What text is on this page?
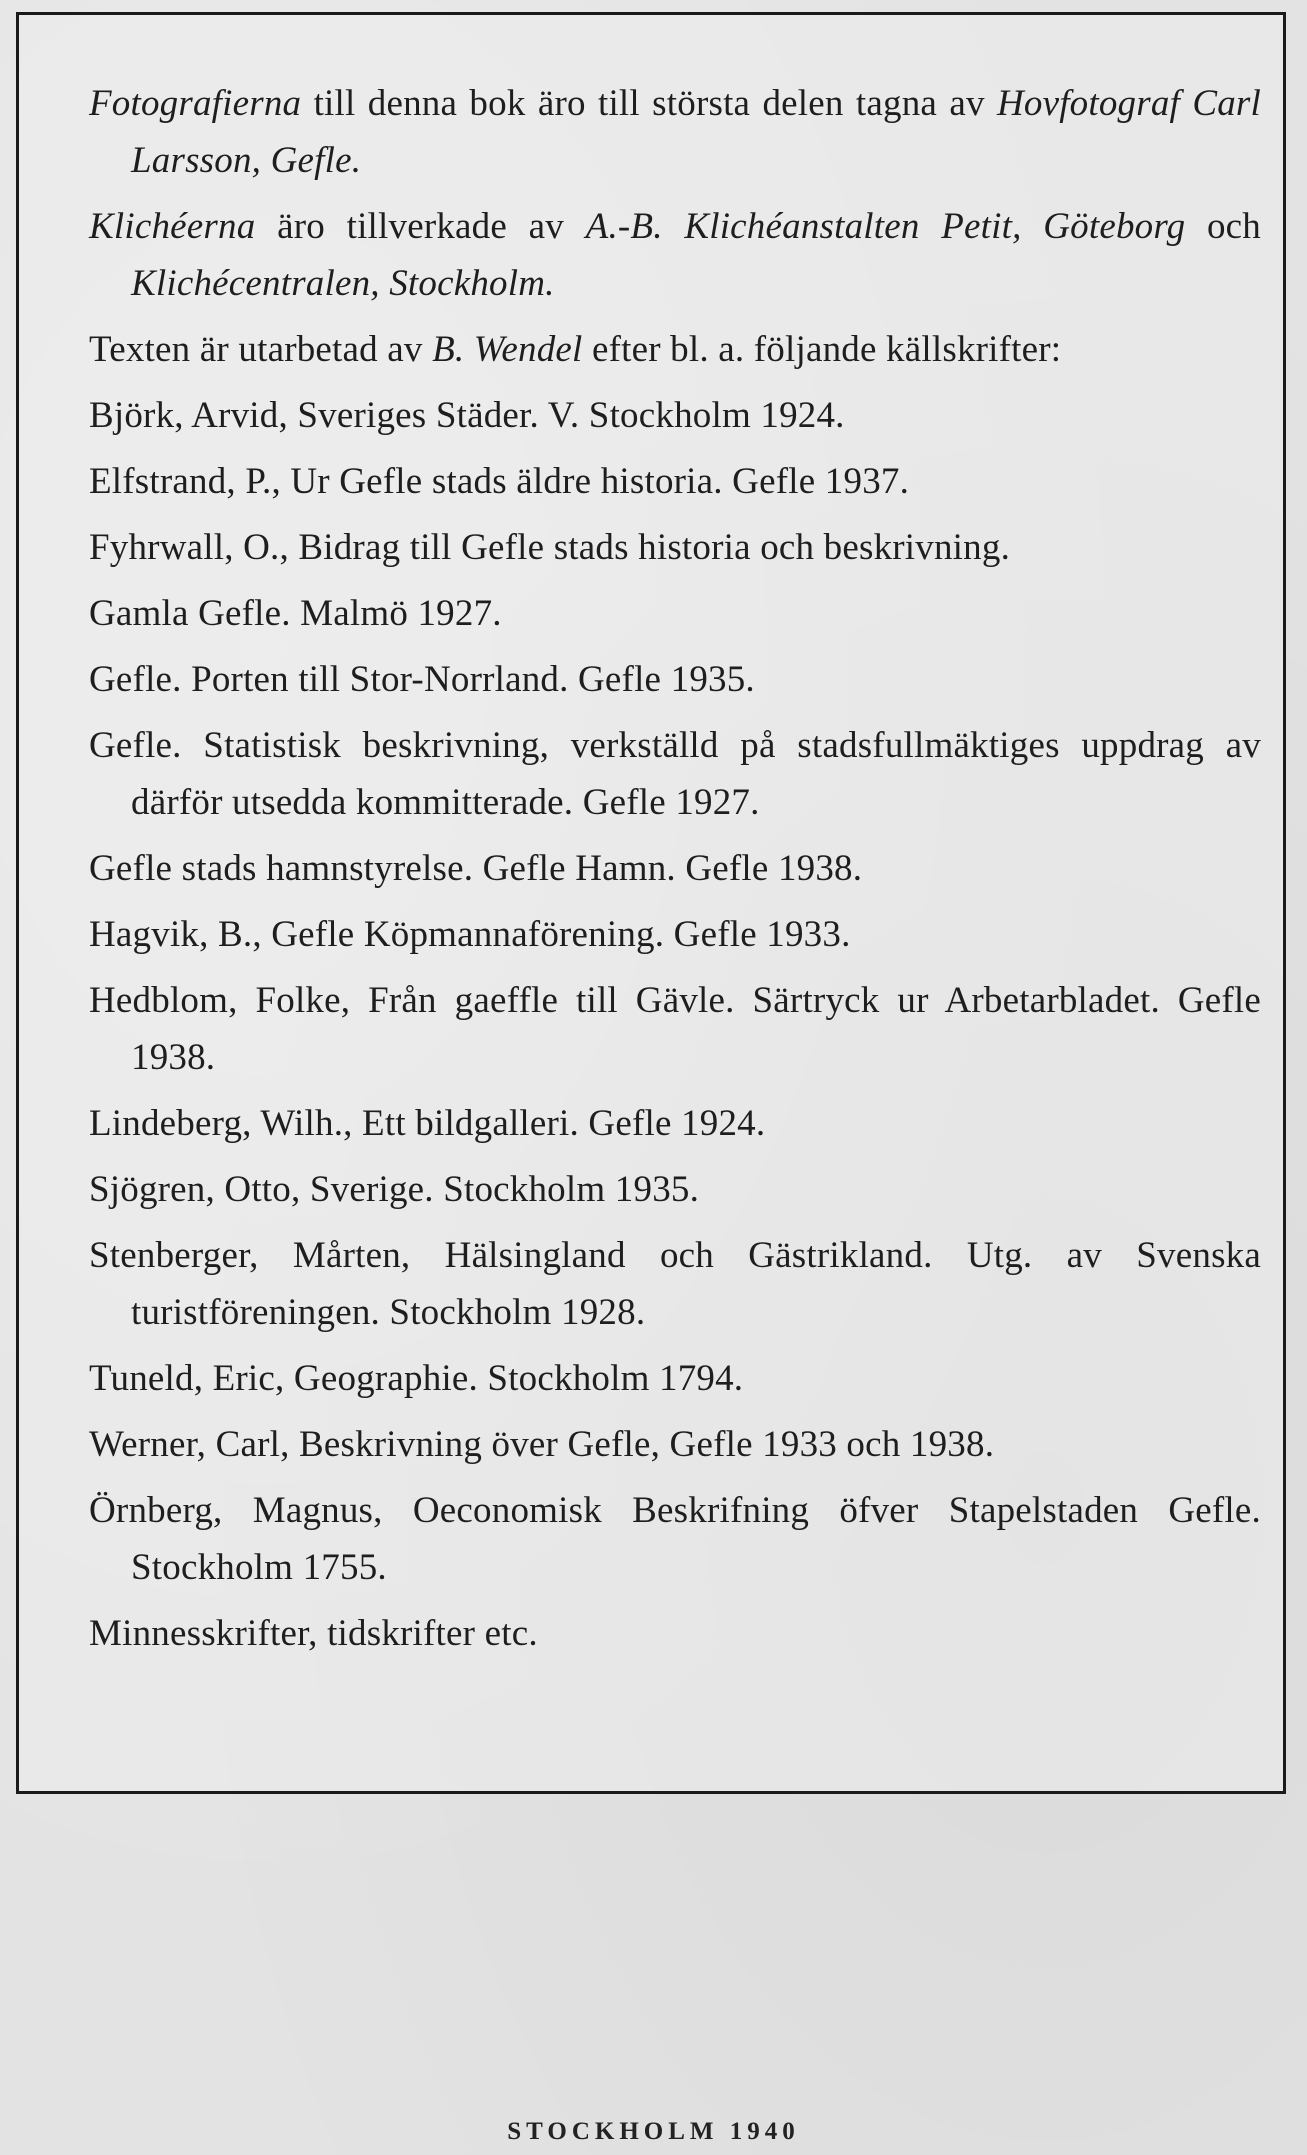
Fotografierna till denna bok äro till största delen tagna av Hovfotograf Carl Larsson, Gefle.

Klichéerna äro tillverkade av A.-B. Klichéanstalten Petit, Göteborg och Klichécentralen, Stockholm.

Texten är utarbetad av B. Wendel efter bl. a. följande källskrifter:

Björk, Arvid, Sveriges Städer. V. Stockholm 1924.

Elfstrand, P., Ur Gefle stads äldre historia. Gefle 1937.

Fyhrwall, O., Bidrag till Gefle stads historia och beskrivning.

Gamla Gefle. Malmö 1927.

Gefle. Porten till Stor-Norrland. Gefle 1935.

Gefle. Statistisk beskrivning, verkställd på stadsfullmäktiges uppdrag av därför utsedda kommitterade. Gefle 1927.

Gefle stads hamnstyrelse. Gefle Hamn. Gefle 1938.

Hagvik, B., Gefle Köpmannaförening. Gefle 1933.

Hedblom, Folke, Från gaeffle till Gävle. Särtryck ur Arbetarbladet. Gefle 1938.

Lindeberg, Wilh., Ett bildgalleri. Gefle 1924.

Sjögren, Otto, Sverige. Stockholm 1935.

Stenberger, Mårten, Hälsingland och Gästrikland. Utg. av Svenska turistföreningen. Stockholm 1928.

Tuneld, Eric, Geographie. Stockholm 1794.

Werner, Carl, Beskrivning över Gefle, Gefle 1933 och 1938.

Örnberg, Magnus, Oeconomisk Beskrifning öfver Stapelstaden Gefle. Stockholm 1755.

Minnesskrifter, tidskrifter etc.

STOCKHOLM 1940
